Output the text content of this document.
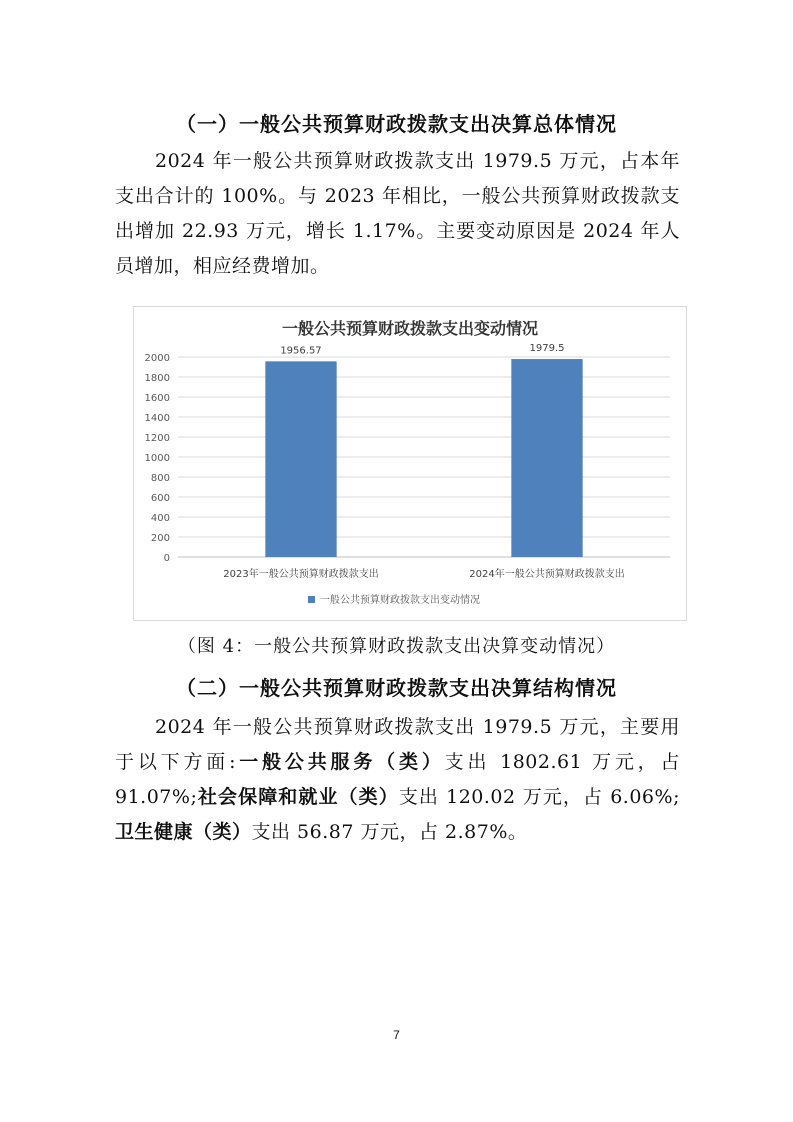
（一）一般公共预算财政拨款支出决算总体情况
2024 年一般公共预算财政拨款支出 1979.5 万元，占本年支出合计的 100%。与 2023 年相比，一般公共预算财政拨款支出增加 22.93 万元，增长 1.17%。主要变动原因是 2024 年人员增加，相应经费增加。
一般公共预算财政拨款支出变动情况
0
200
400
600
800
1000
1200
1400
1600
1800
2000
1956.57	1979.5
2023年一般公共预算财政拨款支出	2024年一般公共预算财政拨款支出
一般公共预算财政拨款支出变动情况
（图 4：一般公共预算财政拨款支出决算变动情况）
（二）一般公共预算财政拨款支出决算结构情况
2024 年一般公共预算财政拨款支出 1979.5 万元，主要用于以下方面:一般公共服务（类）支出 1802.61 万元，占 91.07%;社会保障和就业（类）支出 120.02 万元，占 6.06%;卫生健康（类）支出 56.87 万元，占 2.87%。
7
